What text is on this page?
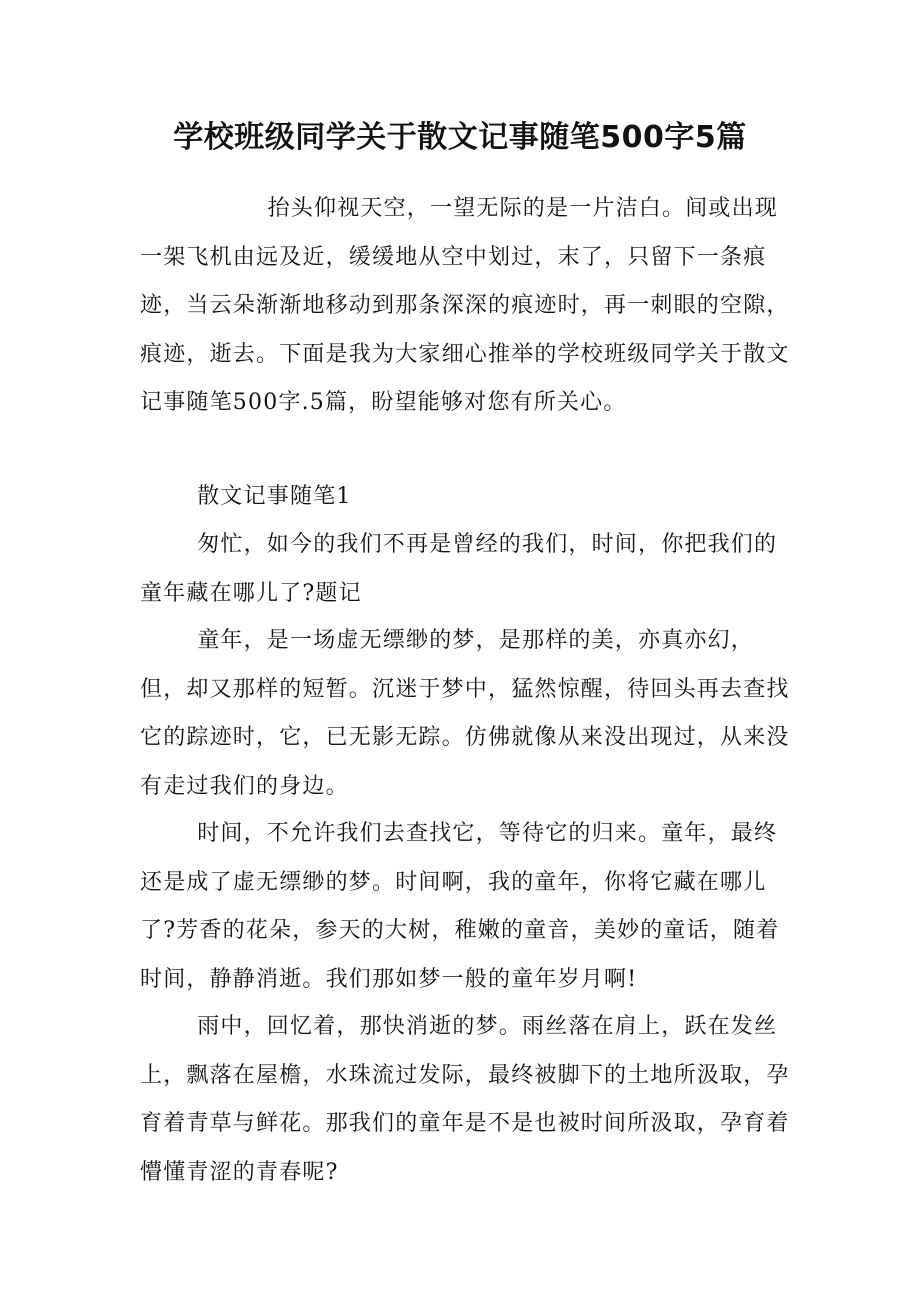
学校班级同学关于散文记事随笔500字5篇

抬头仰视天空，一望无际的是一片洁白。间或出现一架飞机由远及近，缓缓地从空中划过，末了，只留下一条痕迹，当云朵渐渐地移动到那条深深的痕迹时，再一刺眼的空隙，痕迹，逝去。下面是我为大家细心推举的学校班级同学关于散文记事随笔500字.5篇，盼望能够对您有所关心。

散文记事随笔1

匆忙，如今的我们不再是曾经的我们，时间，你把我们的童年藏在哪儿了?题记

童年，是一场虚无缥缈的梦，是那样的美，亦真亦幻，但，却又那样的短暂。沉迷于梦中，猛然惊醒，待回头再去查找它的踪迹时，它，已无影无踪。仿佛就像从来没出现过，从来没有走过我们的身边。

时间，不允许我们去查找它，等待它的归来。童年，最终还是成了虚无缥缈的梦。时间啊，我的童年，你将它藏在哪儿了?芳香的花朵，参天的大树，稚嫩的童音，美妙的童话，随着时间，静静消逝。我们那如梦一般的童年岁月啊!

雨中，回忆着，那快消逝的梦。雨丝落在肩上，跃在发丝上，飘落在屋檐，水珠流过发际，最终被脚下的土地所汲取，孕育着青草与鲜花。那我们的童年是不是也被时间所汲取，孕育着懵懂青涩的青春呢?
